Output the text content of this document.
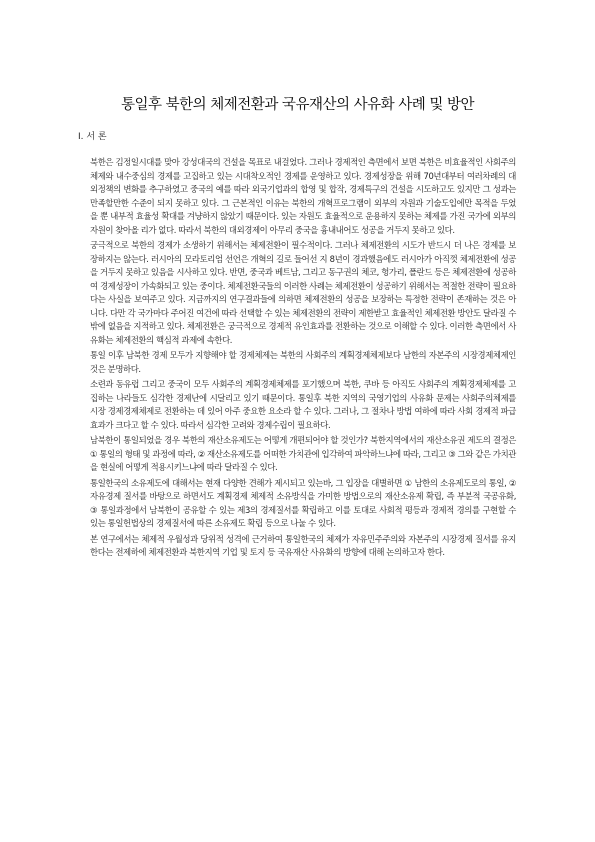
통일후 북한의 체제전환과 국유재산의 사유화 사례 및 방안
Ⅰ. 서 론

북한은 김정일시대를 맞아 강성대국의 건설을 목표로 내걸었다. 그러나 경제적인 측면에서 보면 북한은 비효율적인 사회주의 체제와 내수중심의 경제를 고집하고 있는 시대착오적인 경제를 운영하고 있다. 경제성장을 위해 70년대부터 여러차례의 대외정책의 변화를 추구하였고 중국의 예를 따라 외국기업과의 합영 및 합작, 경제특구의 건설을 시도하고도 있지만 그 성과는 만족할만한 수준이 되지 못하고 있다. 그 근본적인 이유는 북한의 개혁프로그램이 외부의 자원과 기술도입에만 목적을 두었을 뿐 내부적 효율성 확대를 겨냥하지 않았기 때문이다. 있는 자원도 효율적으로 운용하지 못하는 체제를 가진 국가에 외부의 자원이 찾아올 리가 없다. 따라서 북한의 대외경제이 아무리 중국을 흉내내어도 성공을 거두지 못하고 있다.

궁극적으로 북한의 경제가 소생하기 위해서는 체제전환이 필수적이다. 그러나 체제전환의 시도가 반드시 더 나은 경제를 보장하지는 않는다. 러시아의 모라토리엄 선언은 개혁의 길로 들어선 지 8년이 경과했음에도 러시아가 아직껏 체제전환에 성공을 거두지 못하고 있음을 시사하고 있다. 반면, 중국과 베트남, 그리고 동구권의 체코, 헝가리, 폴란드 등은 체제전환에 성공하여 경제성장이 가속화되고 있는 중이다. 체제전환국들의 이러한 사례는 체제전환이 성공하기 위해서는 적절한 전략이 필요하다는 사실을 보여주고 있다. 지금까지의 연구결과들에 의하면 체제전환의 성공을 보장하는 특정한 전략이 존재하는 것은 아니다. 다만 각 국가마다 주어진 여건에 따라 선택할 수 있는 체제전환의 전략이 제한받고 효율적인 체제전환 방안도 달라질 수밖에 없음을 지적하고 있다. 체제전환은 궁극적으로 경제적 유인효과를 전환하는 것으로 이해할 수 있다. 이러한 측면에서 사유화는 체제전환의 핵심적 과제에 속한다.

통일 이후 남북한 경제 모두가 지향해야 할 경제체제는 북한의 사회주의 계획경제체제보다 남한의 자본주의 시장경제체제인 것은 분명하다.

소련과 동유럽 그리고 중국이 모두 사회주의 계획경제체제를 포기했으며 북한, 쿠바 등 아직도 사회주의 계획경제체제를 고집하는 나라들도 심각한 경제난에 시달리고 있기 때문이다. 통일후 북한 지역의 국영기업의 사유화 문제는 사회주의체제를 시장 경제경제체제로 전환하는 데 있어 아주 중요한 요소라 할 수 있다. 그러나, 그 절차나 방법 여하에 따라 사회 경제적 파급 효과가 크다고 할 수 있다. 따라서 심각한 고려와 경제수립이 필요하다.

남북한이 통일되었을 경우 북한의 재산소유제도는 어떻게 개편되어야 할 것인가? 북한지역에서의 재산소유권 제도의 결정은 ① 통일의 형태 및 과정에 따라, ② 재산소유제도를 어떠한 가치관에 입각하여 파악하느냐에 따라, 그리고 ③ 그와 같은 가치관을 현실에 어떻게 적용시키느냐에 따라 달라질 수 있다.

통일한국의 소유제도에 대해서는 현재 다양한 견해가 제시되고 있는바, 그 입장을 대별하면 ① 남한의 소유제도로의 통일, ② 자유경제 질서를 바탕으로 하면서도 계획경제 체제적 소유방식을 가미한 방법으로의 재산소유제 확립, 즉 부분적 국공유화, ③ 통일과정에서 남북한이 공유할 수 있는 제3의 경제질서를 확립하고 이를 토대로 사회적 평등과 경제적 경의를 구현할 수 있는 통일헌법상의 경제질서에 따른 소유제도 확립 등으로 나눌 수 있다.

본 연구에서는 체제적 우월성과 당위적 성격에 근거하여 통일한국의 체제가 자유민주주의와 자본주의 시장경제 질서를 유지한다는 전제하에 체제전환과 북한지역 기업 및 토지 등 국유재산 사유화의 방향에 대해 논의하고자 한다.
